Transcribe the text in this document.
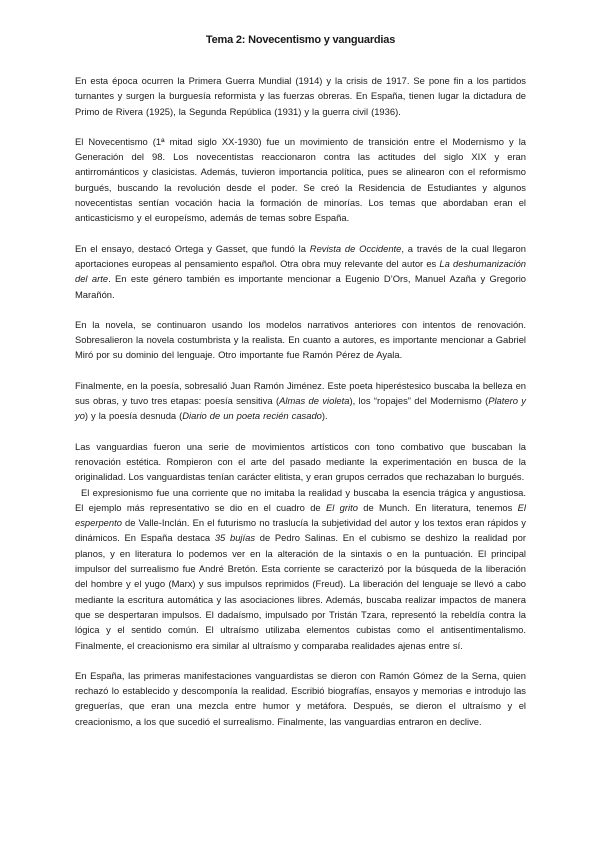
Tema 2: Novecentismo y vanguardias

En esta época ocurren la Primera Guerra Mundial (1914) y la crisis de 1917. Se pone fin a los partidos turnantes y surgen la burguesía reformista y las fuerzas obreras. En España, tienen lugar la dictadura de Primo de Rivera (1925), la Segunda República (1931) y la guerra civil (1936).

El Novecentismo (1ª mitad siglo XX-1930) fue un movimiento de transición entre el Modernismo y la Generación del 98. Los novecentistas reaccionaron contra las actitudes del siglo XIX y eran antirrománticos y clasicistas. Además, tuvieron importancia política, pues se alinearon con el reformismo burgués, buscando la revolución desde el poder. Se creó la Residencia de Estudiantes y algunos novecentistas sentían vocación hacia la formación de minorías. Los temas que abordaban eran el anticasticismo y el europeísmo, además de temas sobre España.

En el ensayo, destacó Ortega y Gasset, que fundó la Revista de Occidente, a través de la cual llegaron aportaciones europeas al pensamiento español. Otra obra muy relevante del autor es La deshumanización del arte. En este género también es importante mencionar a Eugenio D’Ors, Manuel Azaña y Gregorio Marañón.

En la novela, se continuaron usando los modelos narrativos anteriores con intentos de renovación. Sobresalieron la novela costumbrista y la realista. En cuanto a autores, es importante mencionar a Gabriel Miró por su dominio del lenguaje. Otro importante fue Ramón Pérez de Ayala.

Finalmente, en la poesía, sobresalió Juan Ramón Jiménez. Este poeta hiperéstesico buscaba la belleza en sus obras, y tuvo tres etapas: poesía sensitiva (Almas de violeta), los “ropajes” del Modernismo (Platero y yo) y la poesía desnuda (Diario de un poeta recién casado).

Las vanguardias fueron una serie de movimientos artísticos con tono combativo que buscaban la renovación estética. Rompieron con el arte del pasado mediante la experimentación en busca de la originalidad. Los vanguardistas tenían carácter elitista, y eran grupos cerrados que rechazaban lo burgués.

El expresionismo fue una corriente que no imitaba la realidad y buscaba la esencia trágica y angustiosa. El ejemplo más representativo se dio en el cuadro de El grito de Munch. En literatura, tenemos El esperpento de Valle-Inclán. En el futurismo no traslucía la subjetividad del autor y los textos eran rápidos y dinámicos. En España destaca 35 bujías de Pedro Salinas. En el cubismo se deshizo la realidad por planos, y en literatura lo podemos ver en la alteración de la sintaxis o en la puntuación. El principal impulsor del surrealismo fue André Bretón. Esta corriente se caracterizó por la búsqueda de la liberación del hombre y el yugo (Marx) y sus impulsos reprimidos (Freud). La liberación del lenguaje se llevó a cabo mediante la escritura automática y las asociaciones libres. Además, buscaba realizar impactos de manera que se despertaran impulsos. El dadaísmo, impulsado por Tristán Tzara, representó la rebeldía contra la lógica y el sentido común. El ultraísmo utilizaba elementos cubistas como el antisentimentalismo. Finalmente, el creacionismo era similar al ultraísmo y comparaba realidades ajenas entre sí.

En España, las primeras manifestaciones vanguardistas se dieron con Ramón Gómez de la Serna, quien rechazó lo establecido y descomponía la realidad. Escribió biografías, ensayos y memorias e introdujo las greguerías, que eran una mezcla entre humor y metáfora. Después, se dieron el ultraísmo y el creacionismo, a los que sucedió el surrealismo. Finalmente, las vanguardias entraron en declive.
